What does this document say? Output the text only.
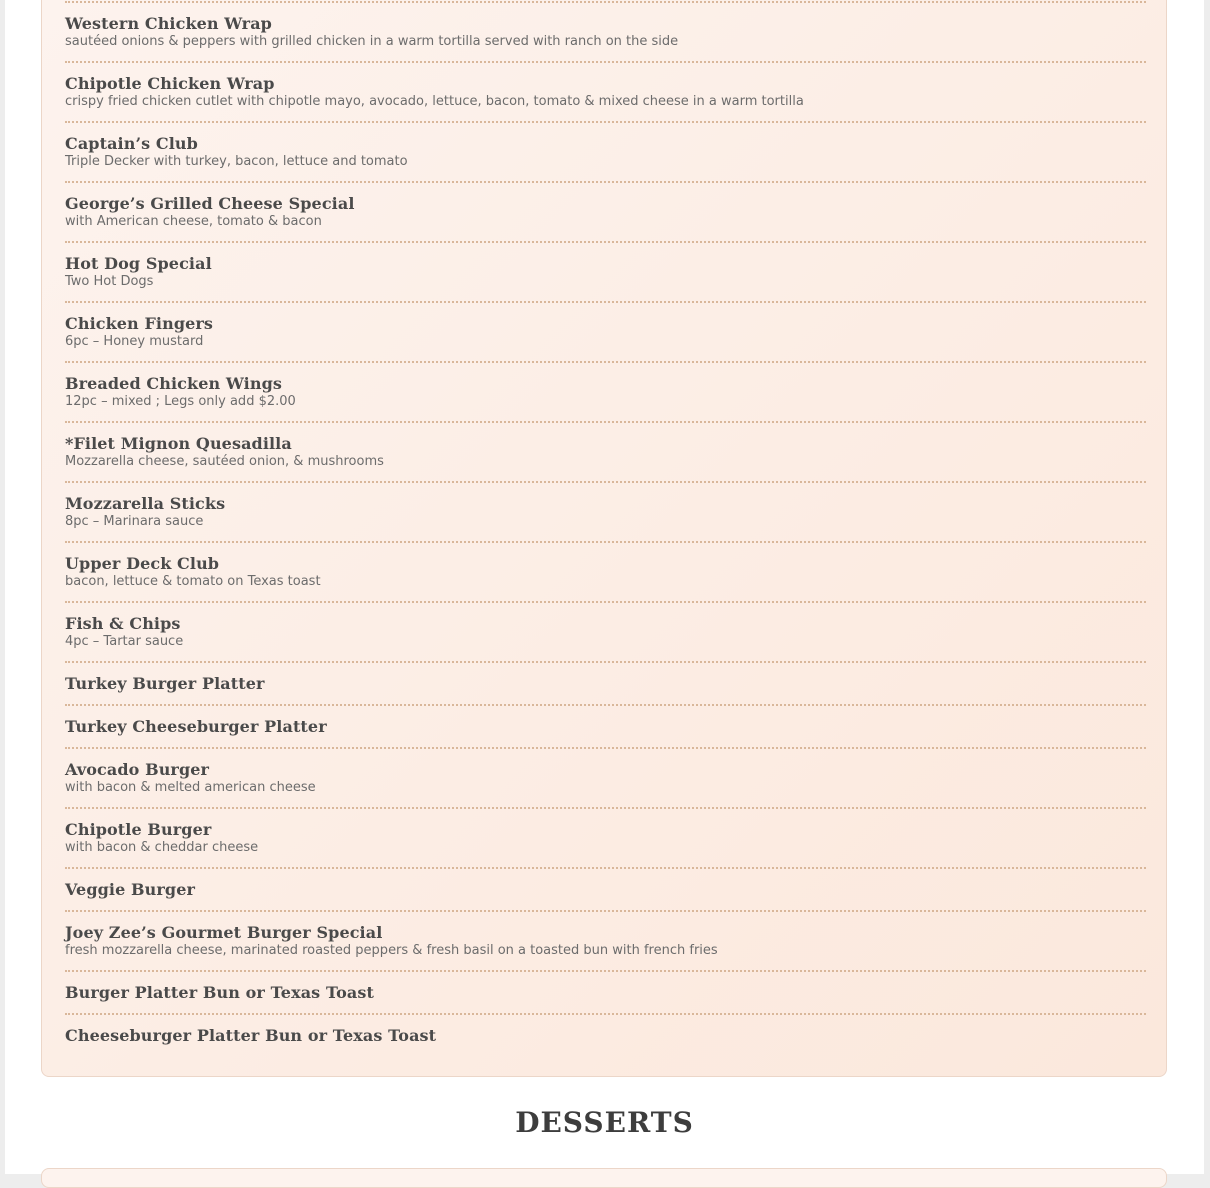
Western Chicken Wrap
sautéed onions & peppers with grilled chicken in a warm tortilla served with ranch on the side
Chipotle Chicken Wrap
crispy fried chicken cutlet with chipotle mayo, avocado, lettuce, bacon, tomato & mixed cheese in a warm tortilla
Captain’s Club
Triple Decker with turkey, bacon, lettuce and tomato
George’s Grilled Cheese Special
with American cheese, tomato & bacon
Hot Dog Special
Two Hot Dogs
Chicken Fingers
6pc – Honey mustard
Breaded Chicken Wings
12pc – mixed ; Legs only add $2.00
*Filet Mignon Quesadilla
Mozzarella cheese, sautéed onion, & mushrooms
Mozzarella Sticks
8pc – Marinara sauce
Upper Deck Club
bacon, lettuce & tomato on Texas toast
Fish & Chips
4pc – Tartar sauce
Turkey Burger Platter
Turkey Cheeseburger Platter
Avocado Burger
with bacon & melted american cheese
Chipotle Burger
with bacon & cheddar cheese
Veggie Burger
Joey Zee’s Gourmet Burger Special
fresh mozzarella cheese, marinated roasted peppers & fresh basil on a toasted bun with french fries
Burger Platter Bun or Texas Toast
Cheeseburger Platter Bun or Texas Toast
DESSERTS
